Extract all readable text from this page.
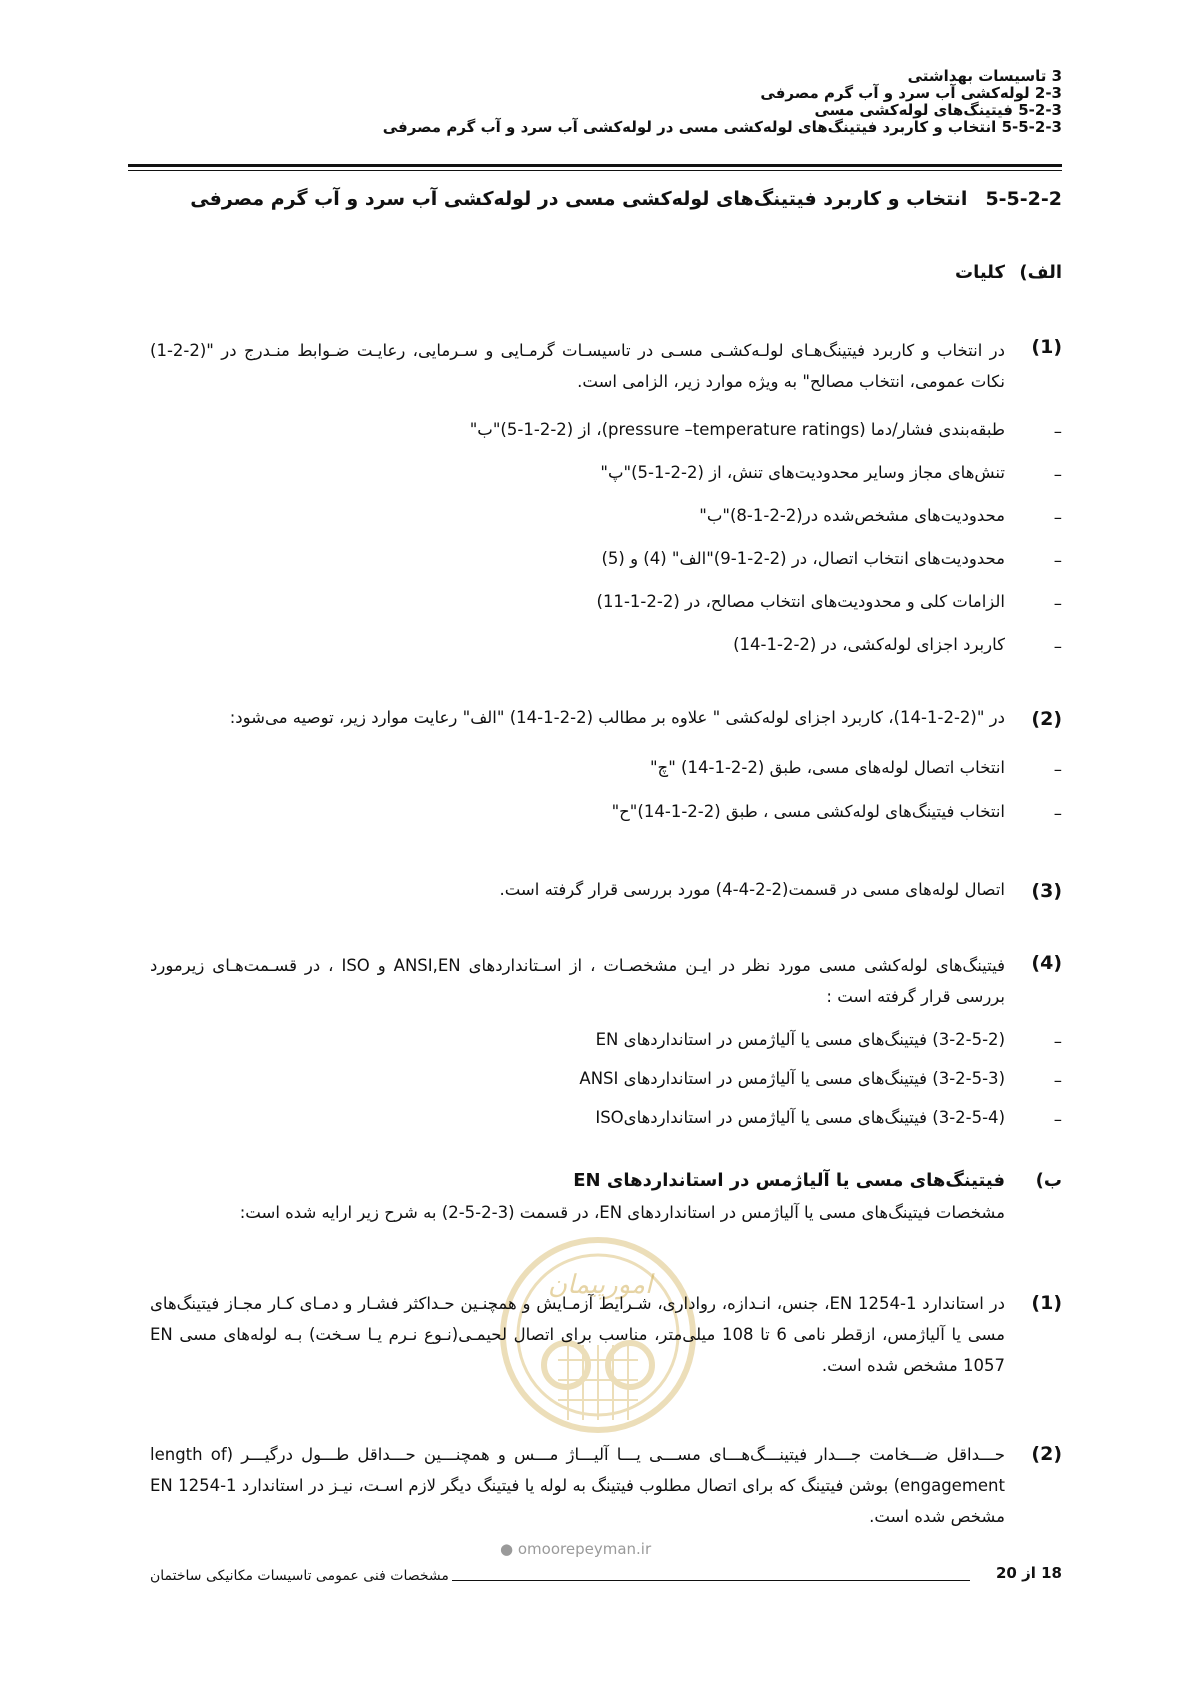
3 تاسیسات بهداشتی
2-3 لوله‌کشی آب سرد و آب گرم مصرفی
5-2-3 فیتینگ‌های لوله‌کشی مسی
5-5-2-3 انتخاب و کاربرد فیتینگ‌های لوله‌کشی مسی در لوله‌کشی آب سرد و آب گرم مصرفی
5-5-2-2انتخاب و کاربرد فیتینگ‌های لوله‌کشی مسی در لوله‌کشی آب سرد و آب گرم مصرفی
الف)
کلیات
(1)
در انتخاب و کاربرد فیتینگ‌هـای لولـه‌کشـی مسـی در تاسیسـات گرمـایی و سـرمایی، رعایـت ضـوابط منـدرج در "(2-2-1) نکات عمومی، انتخاب مصالح" به ویژه موارد زیر، الزامی است.
–
طبقه‌بندی فشار/دما (pressure –temperature ratings)، از (2-2-1-5)"ب"
–
تنش‌های مجاز وسایر محدودیت‌های تنش، از (2-2-1-5)"پ"
–
محدودیت‌های مشخص‌شده در(2-2-1-8)"ب"
–
محدودیت‌های انتخاب اتصال، در (2-2-1-9)"الف" (4) و (5)
–
الزامات کلی و محدودیت‌های انتخاب مصالح، در (2-2-1-11)
–
کاربرد اجزای لوله‌کشی، در (2-2-1-14)
(2)
در "(2-2-1-14)، کاربرد اجزای لوله‌کشی " علاوه بر مطالب (2-2-1-14) "الف" رعایت موارد زیر، توصیه می‌شود:
–
انتخاب اتصال لوله‌های مسی، طبق (2-2-1-14) "چ"
–
انتخاب فیتینگ‌های لوله‌کشی مسی ، طبق (2-2-1-14)"ح"
(3)
اتصال لوله‌های مسی در قسمت(2-2-4-4) مورد بررسی قرار گرفته است.
(4)
فیتینگ‌های لوله‌کشی مسی مورد نظر در ایـن مشخصـات ، از اسـتانداردهای ANSI,EN و ISO ، در قسـمت‌هـای زیرمورد بررسی قرار گرفته است :
–
(3-2-5-2) فیتینگ‌های مسی یا آلیاژمس در استانداردهای EN
–
(3-2-5-3) فیتینگ‌های مسی یا آلیاژمس در استانداردهای ANSI
–
(3-2-5-4) فیتینگ‌های مسی یا آلیاژمس در استانداردهایISO
ب)
فیتینگ‌های مسی یا آلیاژمس در استانداردهای EN
مشخصات فیتینگ‌های مسی یا آلیاژمس در استانداردهای EN، در قسمت (3-2-5-2) به شرح زیر ارایه شده است:
امورپیمان
(1)
در استاندارد EN 1254-1، جنس، انـدازه، رواداری، شـرایط آزمـایش و همچنـین حـداکثر فشـار و دمـای کـار مجـاز فیتینگ‌های مسی یا آلیاژمس، ازقطر نامی 6 تا 108 میلی‌متر، مناسب برای اتصال لحیمـی(نـوع نـرم یـا سـخت) بـه لوله‌های مسی EN 1057 مشخص شده است.
(2)
حـــداقل ضـــخامت جـــدار فیتینـــگ‌هـــای مســـی یـــا آلیـــاژ مـــس و همچنـــین حـــداقل طـــول درگیـــر (length of engagement) بوشن فیتینگ که برای اتصال مطلوب فیتینگ به لوله یا فیتینگ دیگر لازم اسـت، نیـز در استاندارد EN 1254-1 مشخص شده است.
● omoorepeyman.ir
18 از 20
مشخصات فنی عمومی تاسیسات مکانیکی ساختمان
